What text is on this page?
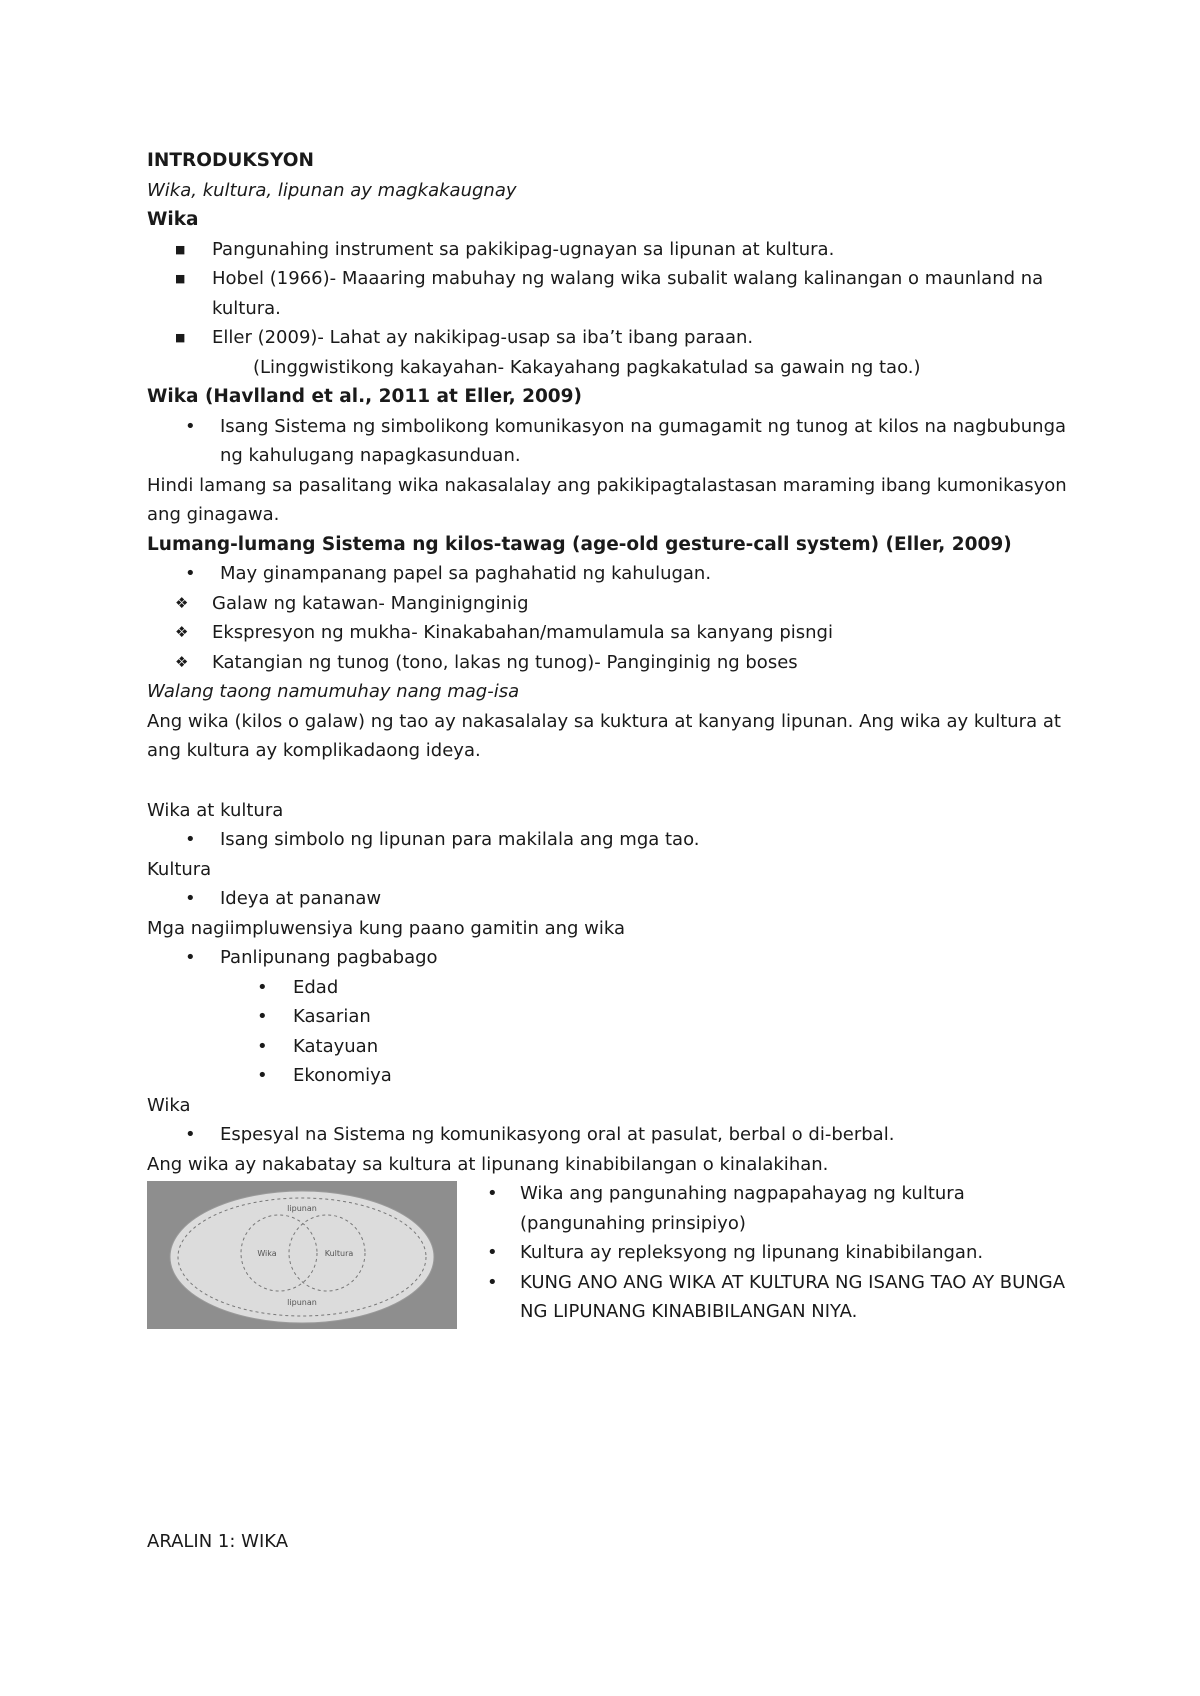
INTRODUKSYON
Wika, kultura, lipunan ay magkakaugnay
Wika
■ Pangunahing instrument sa pakikipag-ugnayan sa lipunan at kultura.
■ Hobel (1966)- Maaaring mabuhay ng walang wika subalit walang kalinangan o maunland na kultura.
■ Eller (2009)- Lahat ay nakikipag-usap sa iba’t ibang paraan.
(Linggwistikong kakayahan- Kakayahang pagkakatulad sa gawain ng tao.)
Wika (Havlland et al., 2011 at Eller, 2009)
• Isang Sistema ng simbolikong komunikasyon na gumagamit ng tunog at kilos na nagbubunga ng kahulugang napagkasunduan.

Hindi lamang sa pasalitang wika nakasalalay ang pakikipagtalastasan maraming ibang kumonikasyon ang ginagawa.

Lumang-lumang Sistema ng kilos-tawag (age-old gesture-call system) (Eller, 2009)
• May ginampanang papel sa paghahatid ng kahulugan.
❖ Galaw ng katawan- Manginignginig
❖ Ekspresyon ng mukha- Kinakabahan/mamulamula sa kanyang pisngi
❖ Katangian ng tunog (tono, lakas ng tunog)- Panginginig ng boses
Walang taong namumuhay nang mag-isa

Ang wika (kilos o galaw) ng tao ay nakasalalay sa kuktura at kanyang lipunan. Ang wika ay kultura at ang kultura ay komplikadaong ideya.

Wika at kultura
• Isang simbolo ng lipunan para makilala ang mga tao.
Kultura
• Ideya at pananaw
Mga nagiimpluwensiya kung paano gamitin ang wika
• Panlipunang pagbabago
• Edad
• Kasarian
• Katayuan
• Ekonomiya
Wika
• Espesyal na Sistema ng komunikasyong oral at pasulat, berbal o di-berbal.

Ang wika ay nakabatay sa kultura at lipunang kinabibilangan o kinalakihan.

lipunan
Wika	Kultura
lipunan
• Wika ang pangunahing nagpapahayag ng kultura (pangunahing prinsipiyo)
• Kultura ay repleksyong ng lipunang kinabibilangan.
• KUNG ANO ANG WIKA AT KULTURA NG ISANG TAO AY BUNGA NG LIPUNANG KINABIBILANGAN NIYA.
ARALIN 1: WIKA
